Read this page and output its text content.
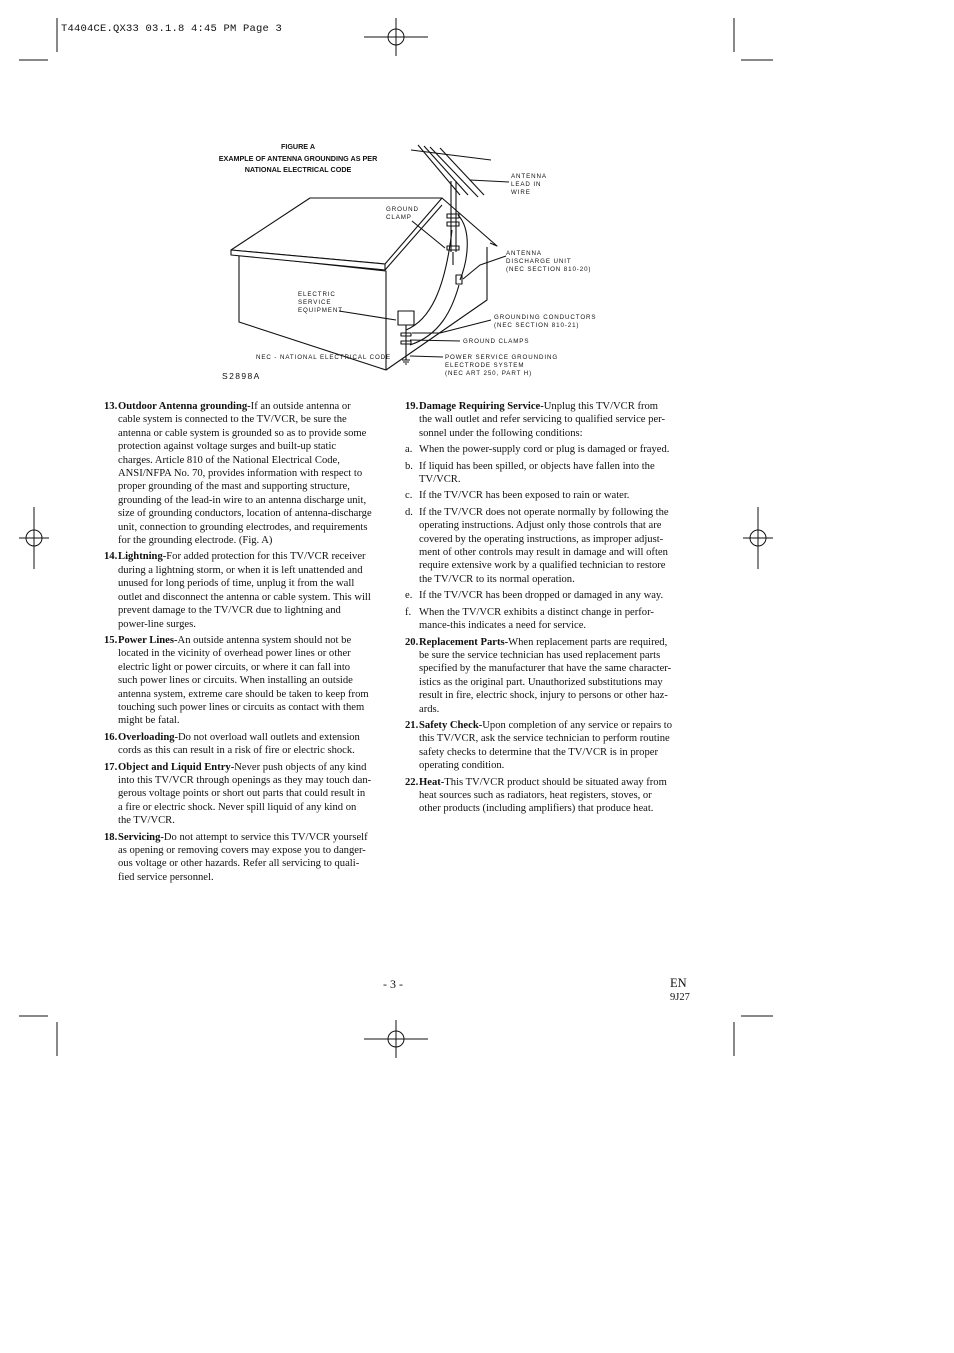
T4404CE.QX33 03.1.8 4:45 PM Page 3
FIGURE A
EXAMPLE OF ANTENNA GROUNDING AS PER
NATIONAL ELECTRICAL CODE
ANTENNA
LEAD IN
WIRE
GROUND
CLAMP
ANTENNA
DISCHARGE UNIT
(NEC SECTION 810-20)
ELECTRIC
SERVICE
EQUIPMENT
GROUNDING CONDUCTORS
(NEC SECTION 810-21)
GROUND CLAMPS
NEC - NATIONAL ELECTRICAL CODE	POWER SERVICE GROUNDING
ELECTRODE SYSTEM
(NEC ART 250, PART H)
S2898A
13. Outdoor Antenna grounding-If an outside antenna or
cable system is connected to the TV/VCR, be sure the
antenna or cable system is grounded so as to provide some
protection against voltage surges and built-up static
charges. Article 810 of the National Electrical Code,
ANSI/NFPA No. 70, provides information with respect to
proper grounding of the mast and supporting structure,
grounding of the lead-in wire to an antenna discharge unit,
size of grounding conductors, location of antenna-discharge
unit, connection to grounding electrodes, and requirements
for the grounding electrode. (Fig. A)
14. Lightning-For added protection for this TV/VCR receiver
during a lightning storm, or when it is left unattended and
unused for long periods of time, unplug it from the wall
outlet and disconnect the antenna or cable system. This will
prevent damage to the TV/VCR due to lightning and
power-line surges.
15. Power Lines-An outside antenna system should not be
located in the vicinity of overhead power lines or other
electric light or power circuits, or where it can fall into
such power lines or circuits. When installing an outside
antenna system, extreme care should be taken to keep from
touching such power lines or circuits as contact with them
might be fatal.
16. Overloading-Do not overload wall outlets and extension
cords as this can result in a risk of fire or electric shock.
17. Object and Liquid Entry-Never push objects of any kind
into this TV/VCR through openings as they may touch dan-
gerous voltage points or short out parts that could result in
a fire or electric shock. Never spill liquid of any kind on
the TV/VCR.
18. Servicing-Do not attempt to service this TV/VCR yourself
as opening or removing covers may expose you to danger-
ous voltage or other hazards. Refer all servicing to quali-
fied service personnel.
19. Damage Requiring Service-Unplug this TV/VCR from
the wall outlet and refer servicing to qualified service per-
sonnel under the following conditions:
a. When the power-supply cord or plug is damaged or frayed.
b. If liquid has been spilled, or objects have fallen into the
TV/VCR.
c. If the TV/VCR has been exposed to rain or water.
d. If the TV/VCR does not operate normally by following the
operating instructions. Adjust only those controls that are
covered by the operating instructions, as improper adjust-
ment of other controls may result in damage and will often
require extensive work by a qualified technician to restore
the TV/VCR to its normal operation.
e. If the TV/VCR has been dropped or damaged in any way.
f. When the TV/VCR exhibits a distinct change in perfor-
mance-this indicates a need for service.
20. Replacement Parts-When replacement parts are required,
be sure the service technician has used replacement parts
specified by the manufacturer that have the same character-
istics as the original part. Unauthorized substitutions may
result in fire, electric shock, injury to persons or other haz-
ards.
21. Safety Check-Upon completion of any service or repairs to
this TV/VCR, ask the service technician to perform routine
safety checks to determine that the TV/VCR is in proper
operating condition.
22. Heat-This TV/VCR product should be situated away from
heat sources such as radiators, heat registers, stoves, or
other products (including amplifiers) that produce heat.
- 3 -	EN
9J27
